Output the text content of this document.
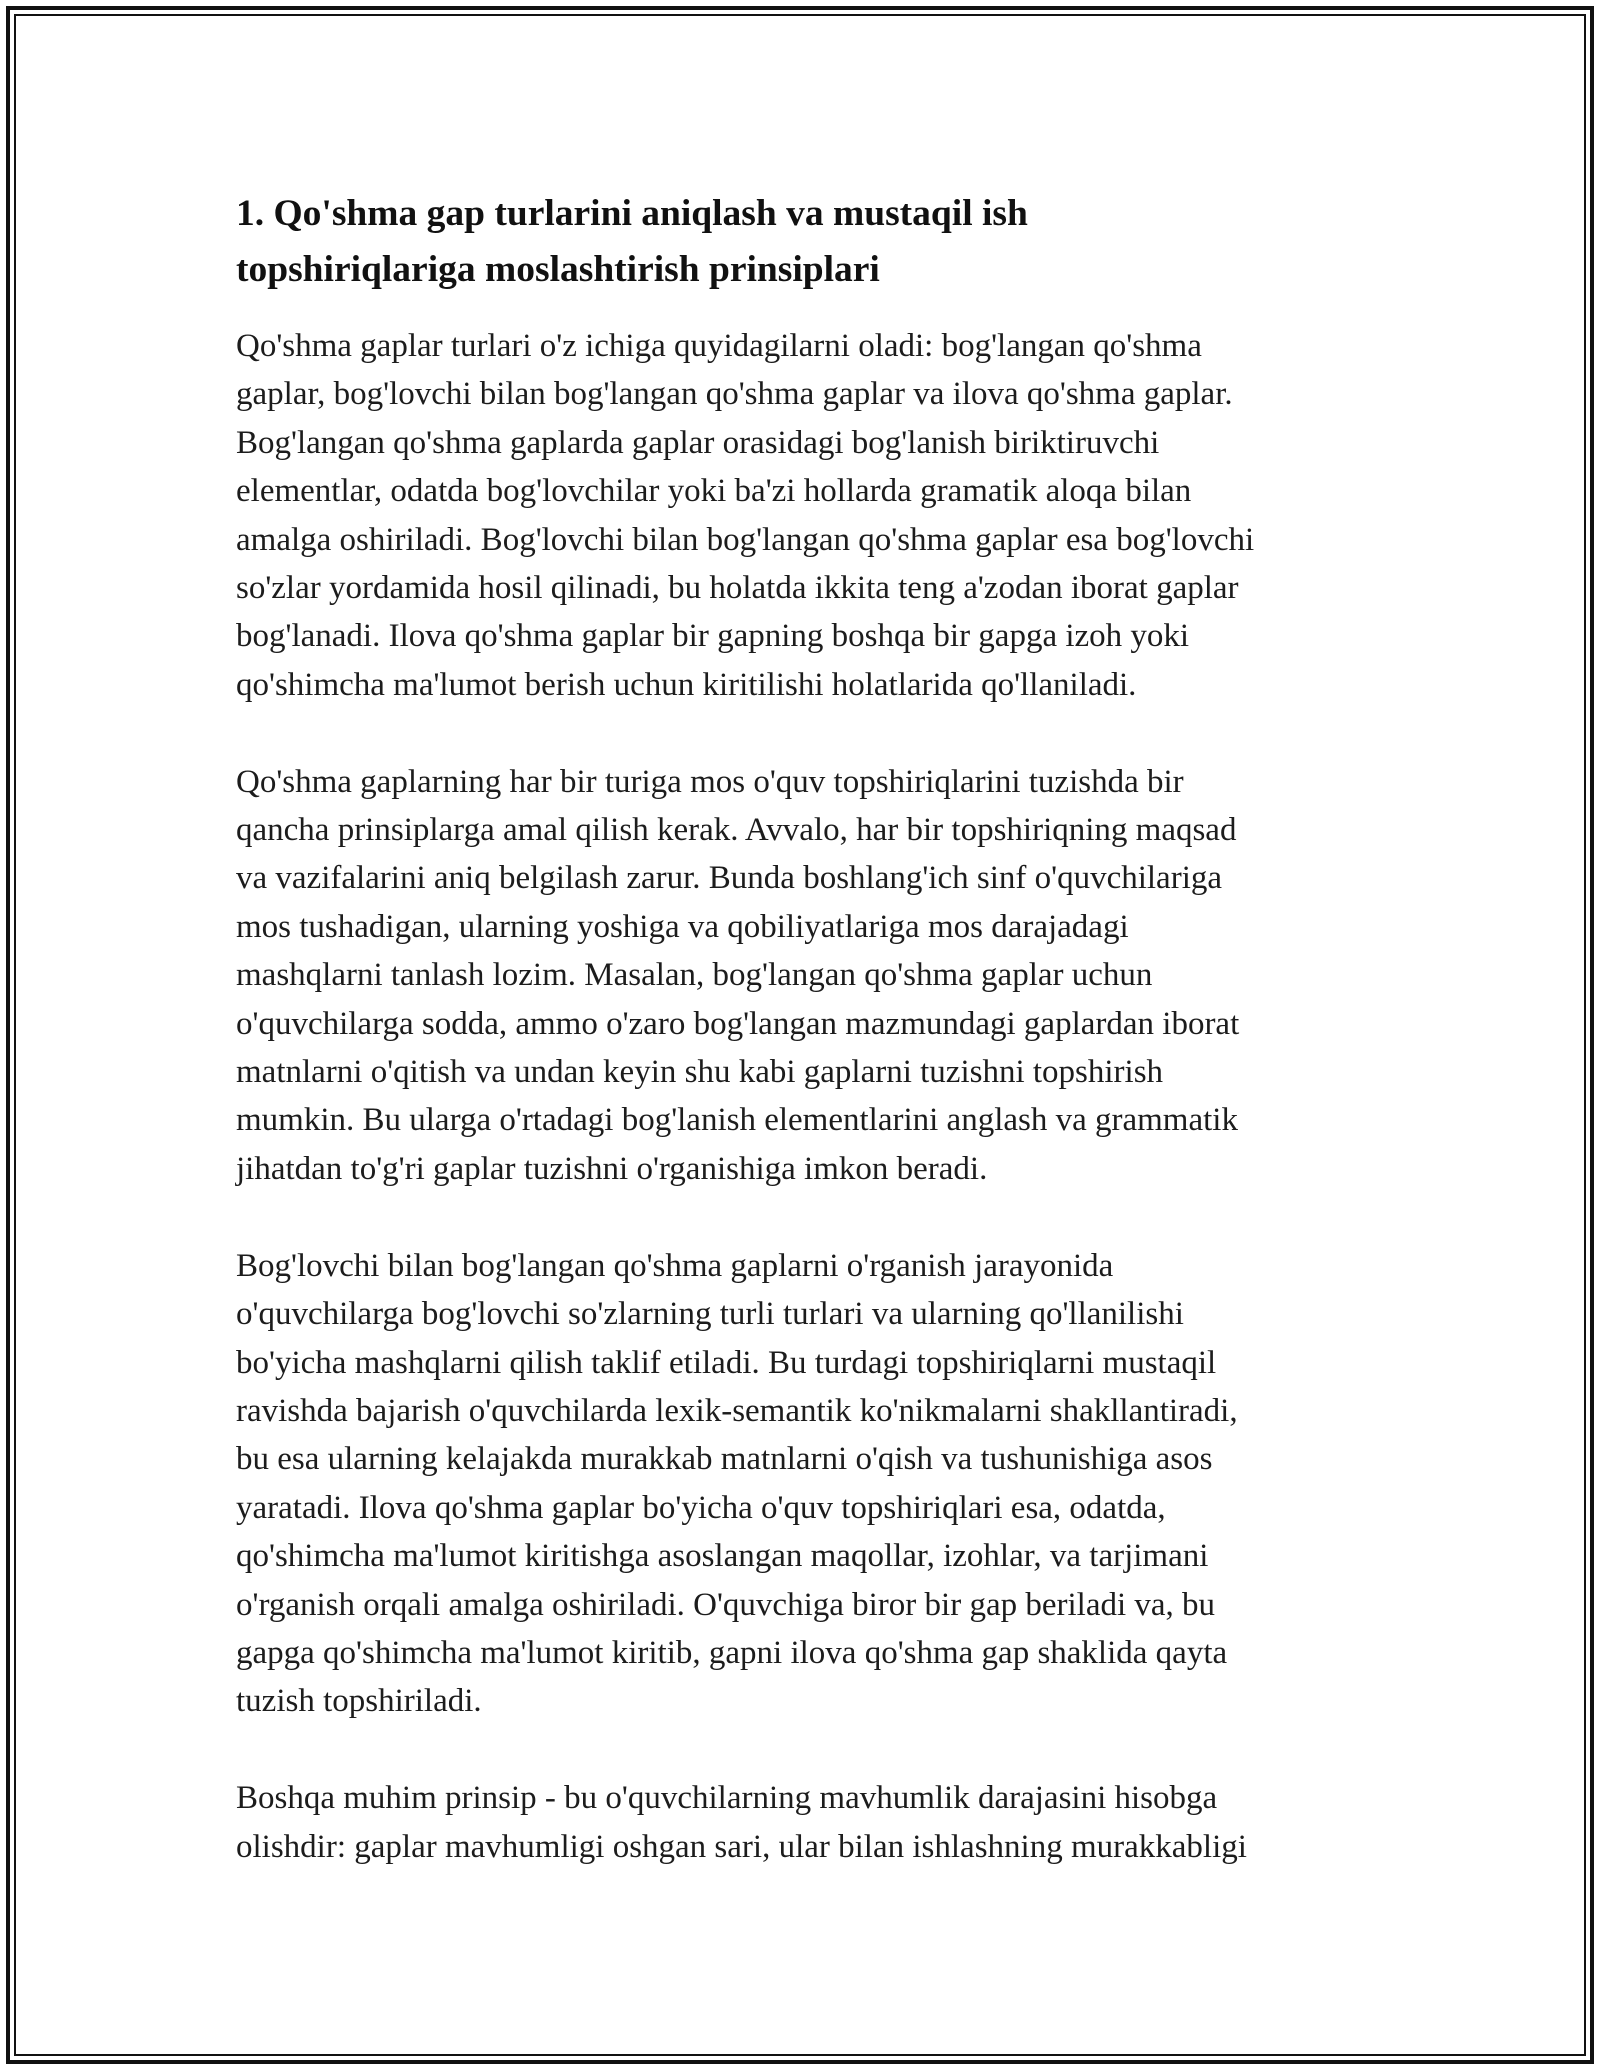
1. Qo'shma gap turlarini aniqlash va mustaqil ish
topshiriqlariga moslashtirish prinsiplari

Qo'shma gaplar turlari o'z ichiga quyidagilarni oladi: bog'langan qo'shma
gaplar, bog'lovchi bilan bog'langan qo'shma gaplar va ilova qo'shma gaplar.
Bog'langan qo'shma gaplarda gaplar orasidagi bog'lanish biriktiruvchi
elementlar, odatda bog'lovchilar yoki ba'zi hollarda gramatik aloqa bilan
amalga oshiriladi. Bog'lovchi bilan bog'langan qo'shma gaplar esa bog'lovchi
so'zlar yordamida hosil qilinadi, bu holatda ikkita teng a'zodan iborat gaplar
bog'lanadi. Ilova qo'shma gaplar bir gapning boshqa bir gapga izoh yoki
qo'shimcha ma'lumot berish uchun kiritilishi holatlarida qo'llaniladi.

Qo'shma gaplarning har bir turiga mos o'quv topshiriqlarini tuzishda bir
qancha prinsiplarga amal qilish kerak. Avvalo, har bir topshiriqning maqsad
va vazifalarini aniq belgilash zarur. Bunda boshlang'ich sinf o'quvchilariga
mos tushadigan, ularning yoshiga va qobiliyatlariga mos darajadagi
mashqlarni tanlash lozim. Masalan, bog'langan qo'shma gaplar uchun
o'quvchilarga sodda, ammo o'zaro bog'langan mazmundagi gaplardan iborat
matnlarni o'qitish va undan keyin shu kabi gaplarni tuzishni topshirish
mumkin. Bu ularga o'rtadagi bog'lanish elementlarini anglash va grammatik
jihatdan to'g'ri gaplar tuzishni o'rganishiga imkon beradi.

Bog'lovchi bilan bog'langan qo'shma gaplarni o'rganish jarayonida
o'quvchilarga bog'lovchi so'zlarning turli turlari va ularning qo'llanilishi
bo'yicha mashqlarni qilish taklif etiladi. Bu turdagi topshiriqlarni mustaqil
ravishda bajarish o'quvchilarda lexik-semantik ko'nikmalarni shakllantiradi,
bu esa ularning kelajakda murakkab matnlarni o'qish va tushunishiga asos
yaratadi. Ilova qo'shma gaplar bo'yicha o'quv topshiriqlari esa, odatda,
qo'shimcha ma'lumot kiritishga asoslangan maqollar, izohlar, va tarjimani
o'rganish orqali amalga oshiriladi. O'quvchiga biror bir gap beriladi va, bu
gapga qo'shimcha ma'lumot kiritib, gapni ilova qo'shma gap shaklida qayta
tuzish topshiriladi.

Boshqa muhim prinsip - bu o'quvchilarning mavhumlik darajasini hisobga
olishdir: gaplar mavhumligi oshgan sari, ular bilan ishlashning murakkabligi
